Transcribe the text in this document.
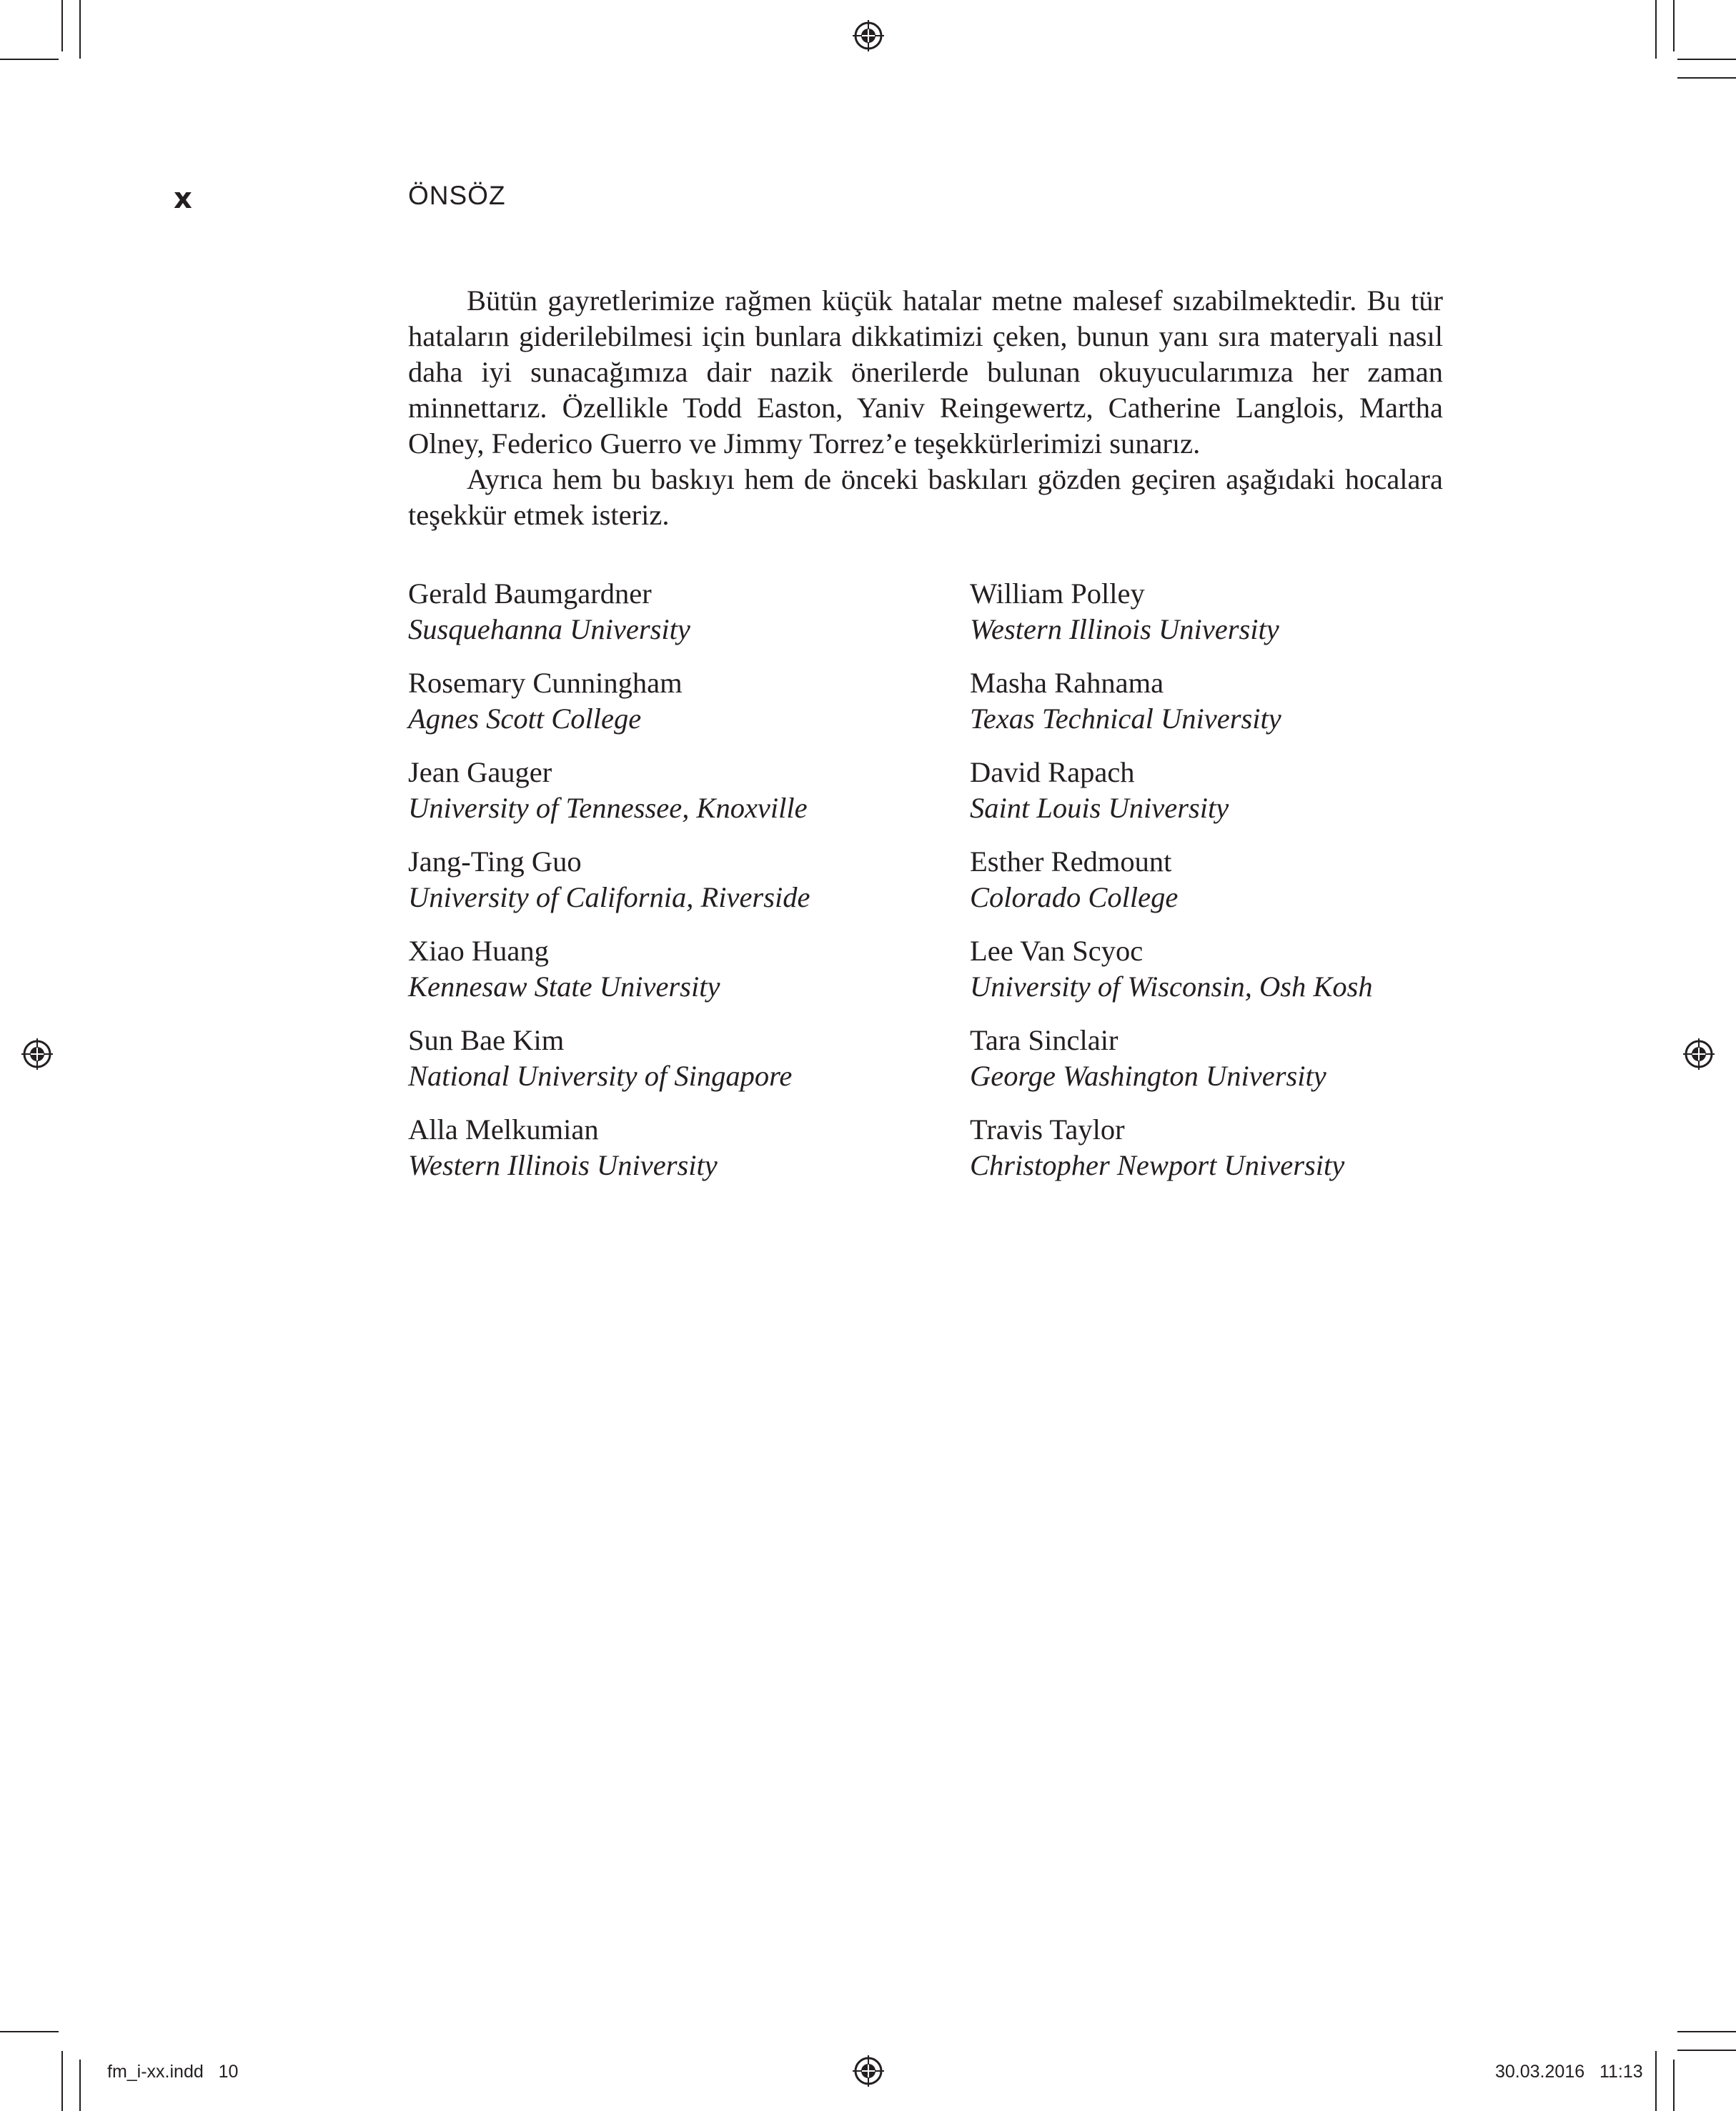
x	ÖNSÖZ

Bütün gayretlerimize rağmen küçük hatalar metne malesef sızabilmektedir. Bu tür hataların giderilebilmesi için bunlara dikkatimizi çeken, bunun yanı sıra materyali nasıl daha iyi sunacağımıza dair nazik önerilerde bulunan okuyucularımıza her zaman minnettarız. Özellikle Todd Easton, Yaniv Reingewertz, Catherine Langlois, Martha Olney, Federico Guerro ve Jimmy Torrez’e teşekkürlerimizi sunarız.

Ayrıca hem bu baskıyı hem de önceki baskıları gözden geçiren aşağıdaki hocalara teşekkür etmek isteriz.

Gerald Baumgardner
Susquehanna University
William Polley
Western Illinois University
Rosemary Cunningham
Agnes Scott College
Masha Rahnama
Texas Technical University
Jean Gauger
University of Tennessee, Knoxville
David Rapach
Saint Louis University
Jang-Ting Guo
University of California, Riverside
Esther Redmount
Colorado College
Xiao Huang
Kennesaw State University
Lee Van Scyoc
University of Wisconsin, Osh Kosh
Sun Bae Kim
National University of Singapore
Tara Sinclair
George Washington University
Alla Melkumian
Western Illinois University
Travis Taylor
Christopher Newport University
fm_i-xx.indd   10	30.03.2016   11:13
